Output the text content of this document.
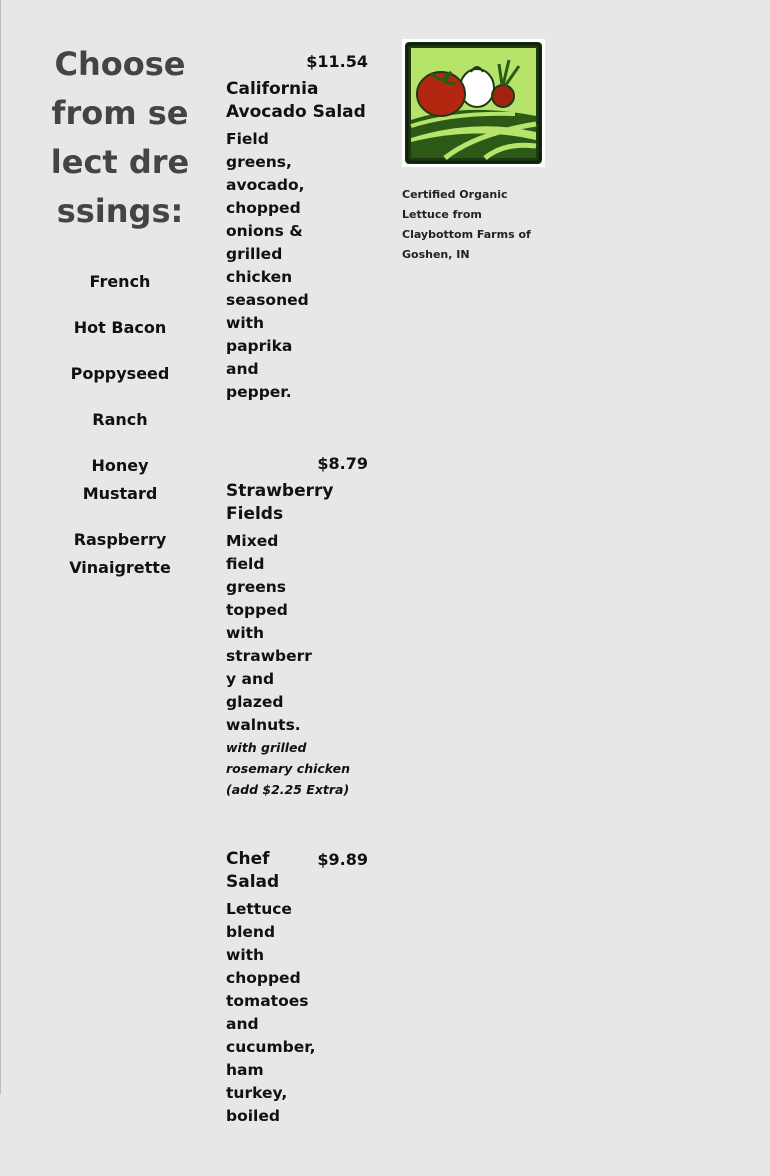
Choose from select dressings:
French
Hot Bacon
Poppyseed
Ranch
Honey Mustard
Raspberry Vinaigrette
$11.54
California Avocado Salad
Field greens, avocado, chopped onions & grilled chicken seasoned with paprika and pepper.
$8.79
Strawberry Fields
Mixed field greens topped with strawberry and glazed walnuts.
with grilled rosemary chicken (add $2.25 Extra)
$9.89
Chef Salad
Lettuce blend with chopped tomatoes and cucumber, ham turkey, boiled
Certified Organic Lettuce from Claybottom Farms of Goshen, IN
